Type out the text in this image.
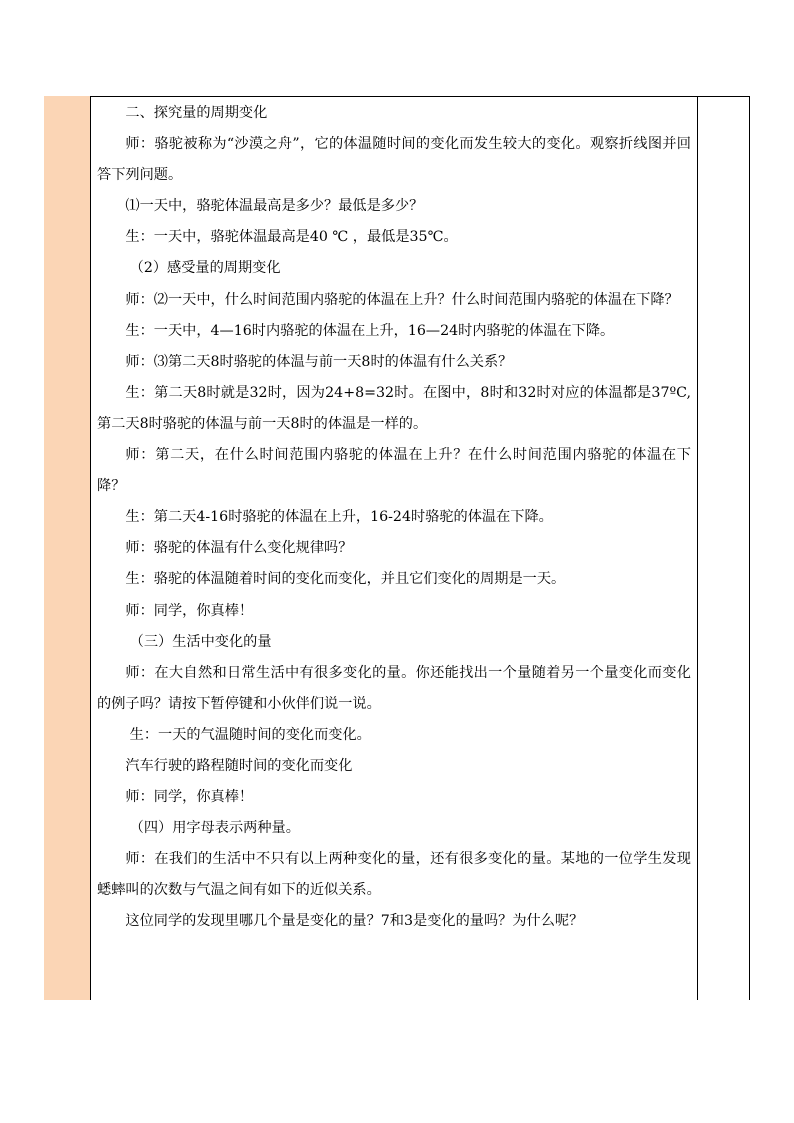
二、探究量的周期变化

师：骆驼被称为“沙漠之舟”，它的体温随时间的变化而发生较大的变化。观察折线图并回答下列问题。

⑴一天中，骆驼体温最高是多少？最低是多少？

生：一天中，骆驼体温最高是40 ℃ ，最低是35℃。

（2）感受量的周期变化

师：⑵一天中，什么时间范围内骆驼的体温在上升？什么时间范围内骆驼的体温在下降？

生：一天中，4—16时内骆驼的体温在上升，16—24时内骆驼的体温在下降。

师：⑶第二天8时骆驼的体温与前一天8时的体温有什么关系？

生：第二天8时就是32时，因为24+8=32时。在图中，8时和32时对应的体温都是37ºC,第二天8时骆驼的体温与前一天8时的体温是一样的。

师：第二天，在什么时间范围内骆驼的体温在上升？在什么时间范围内骆驼的体温在下降？

生：第二天4-16时骆驼的体温在上升，16-24时骆驼的体温在下降。

师：骆驼的体温有什么变化规律吗？

生：骆驼的体温随着时间的变化而变化，并且它们变化的周期是一天。

师：同学，你真棒！

（三）生活中变化的量

师：在大自然和日常生活中有很多变化的量。你还能找出一个量随着另一个量变化而变化的例子吗？请按下暂停键和小伙伴们说一说。

生：一天的气温随时间的变化而变化。

汽车行驶的路程随时间的变化而变化

师：同学，你真棒！

（四）用字母表示两种量。

师：在我们的生活中不只有以上两种变化的量，还有很多变化的量。某地的一位学生发现蟋蟀叫的次数与气温之间有如下的近似关系。

这位同学的发现里哪几个量是变化的量？7和3是变化的量吗？为什么呢？
